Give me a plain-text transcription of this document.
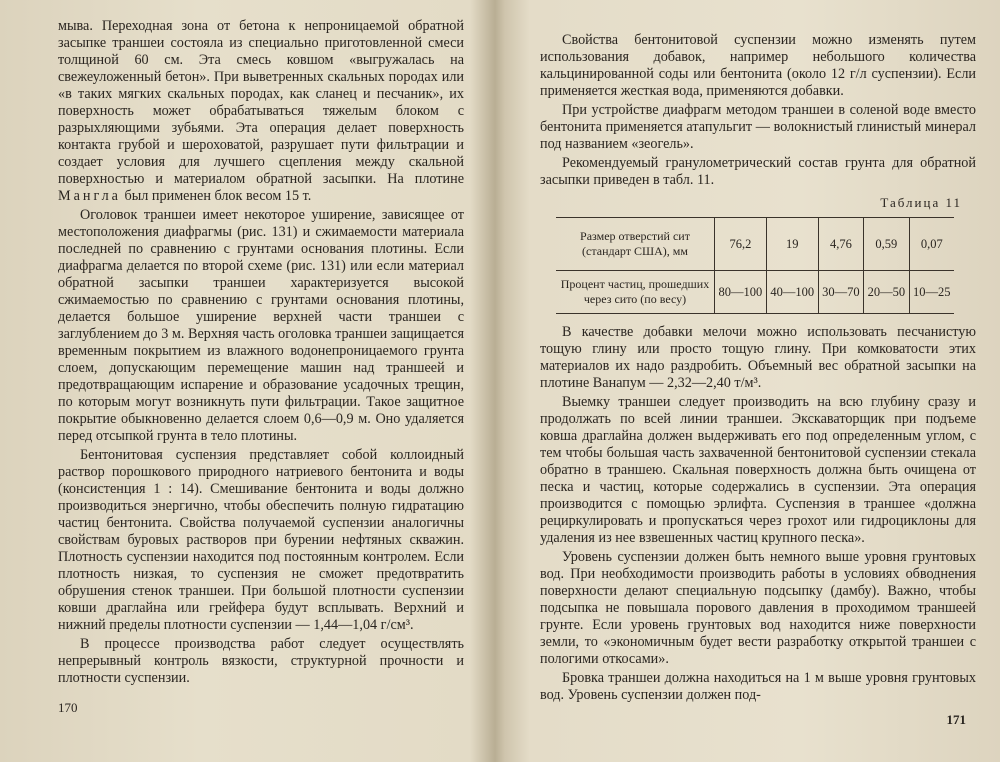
мыва. Переходная зона от бетона к непроницаемой обратной засыпке траншеи состояла из специально приготовленной смеси толщиной 60 см. Эта смесь ковшом «выгружалась на свежеуложенный бетон». При выветренных скальных породах или «в таких мягких скальных породах, как сланец и песчаник», их поверхность может обрабатываться тяжелым блоком с разрыхляющими зубьями. Эта операция делает поверхность контакта грубой и шероховатой, разрушает пути фильтрации и создает условия для лучшего сцепления между скальной поверхностью и материалом обратной засыпки. На плотине Мангла был применен блок весом 15 т.

Оголовок траншеи имеет некоторое уширение, зависящее от местоположения диафрагмы (рис. 131) и сжимаемости материала последней по сравнению с грунтами основания плотины. Если диафрагма делается по второй схеме (рис. 131) или если материал обратной засыпки траншеи характеризуется высокой сжимаемостью по сравнению с грунтами основания плотины, делается большое уширение верхней части траншеи с заглублением до 3 м. Верхняя часть оголовка траншеи защищается временным покрытием из влажного водонепроницаемого грунта слоем, допускающим перемещение машин над траншеей и предотвращающим испарение и образование усадочных трещин, по которым могут возникнуть пути фильтрации. Такое защитное покрытие обыкновенно делается слоем 0,6—0,9 м. Оно удаляется перед отсыпкой грунта в тело плотины.

Бентонитовая суспензия представляет собой коллоидный раствор порошкового природного натриевого бентонита и воды (консистенция 1 : 14). Смешивание бентонита и воды должно производиться энергично, чтобы обеспечить полную гидратацию частиц бентонита. Свойства получаемой суспензии аналогичны свойствам буровых растворов при бурении нефтяных скважин. Плотность суспензии находится под постоянным контролем. Если плотность низкая, то суспензия не сможет предотвратить обрушения стенок траншеи. При большой плотности суспензии ковши драглайна или грейфера будут всплывать. Верхний и нижний пределы плотности суспензии — 1,44—1,04 г/см³.

В процессе производства работ следует осуществлять непрерывный контроль вязкости, структурной прочности и плотности суспензии.

170

Свойства бентонитовой суспензии можно изменять путем использования добавок, например небольшого количества кальцинированной соды или бентонита (около 12 г/л суспензии). Если применяется жесткая вода, применяются добавки.

При устройстве диафрагм методом траншеи в соленой воде вместо бентонита применяется атапульгит — волокнистый глинистый минерал под названием «зеогель».

Рекомендуемый гранулометрический состав грунта для обратной засыпки приведен в табл. 11.

Таблица 11
Размер отверстий сит (стандарт США), мм	76,2	19	4,76	0,59	0,07
Процент частиц, прошедших через сито (по весу)	80—100	40—100	30—70	20—50	10—25

В качестве добавки мелочи можно использовать песчанистую тощую глину или просто тощую глину. При комковатости этих материалов их надо раздробить. Объемный вес обратной засыпки на плотине Ванапум — 2,32—2,40 т/м³.

Выемку траншеи следует производить на всю глубину сразу и продолжать по всей линии траншеи. Экскаваторщик при подъеме ковша драглайна должен выдерживать его под определенным углом, с тем чтобы большая часть захваченной бентонитовой суспензии стекала обратно в траншею. Скальная поверхность должна быть очищена от песка и частиц, которые содержались в суспензии. Эта операция производится с помощью эрлифта. Суспензия в траншее «должна рециркулировать и пропускаться через грохот или гидроциклоны для удаления из нее взвешенных частиц крупного песка».

Уровень суспензии должен быть немного выше уровня грунтовых вод. При необходимости производить работы в условиях обводнения поверхности делают специальную подсыпку (дамбу). Важно, чтобы подсыпка не повышала порового давления в проходимом траншеей грунте. Если уровень грунтовых вод находится ниже поверхности земли, то «экономичным будет вести разработку открытой траншеи с пологими откосами».

Бровка траншеи должна находиться на 1 м выше уровня грунтовых вод. Уровень суспензии должен под-

171
